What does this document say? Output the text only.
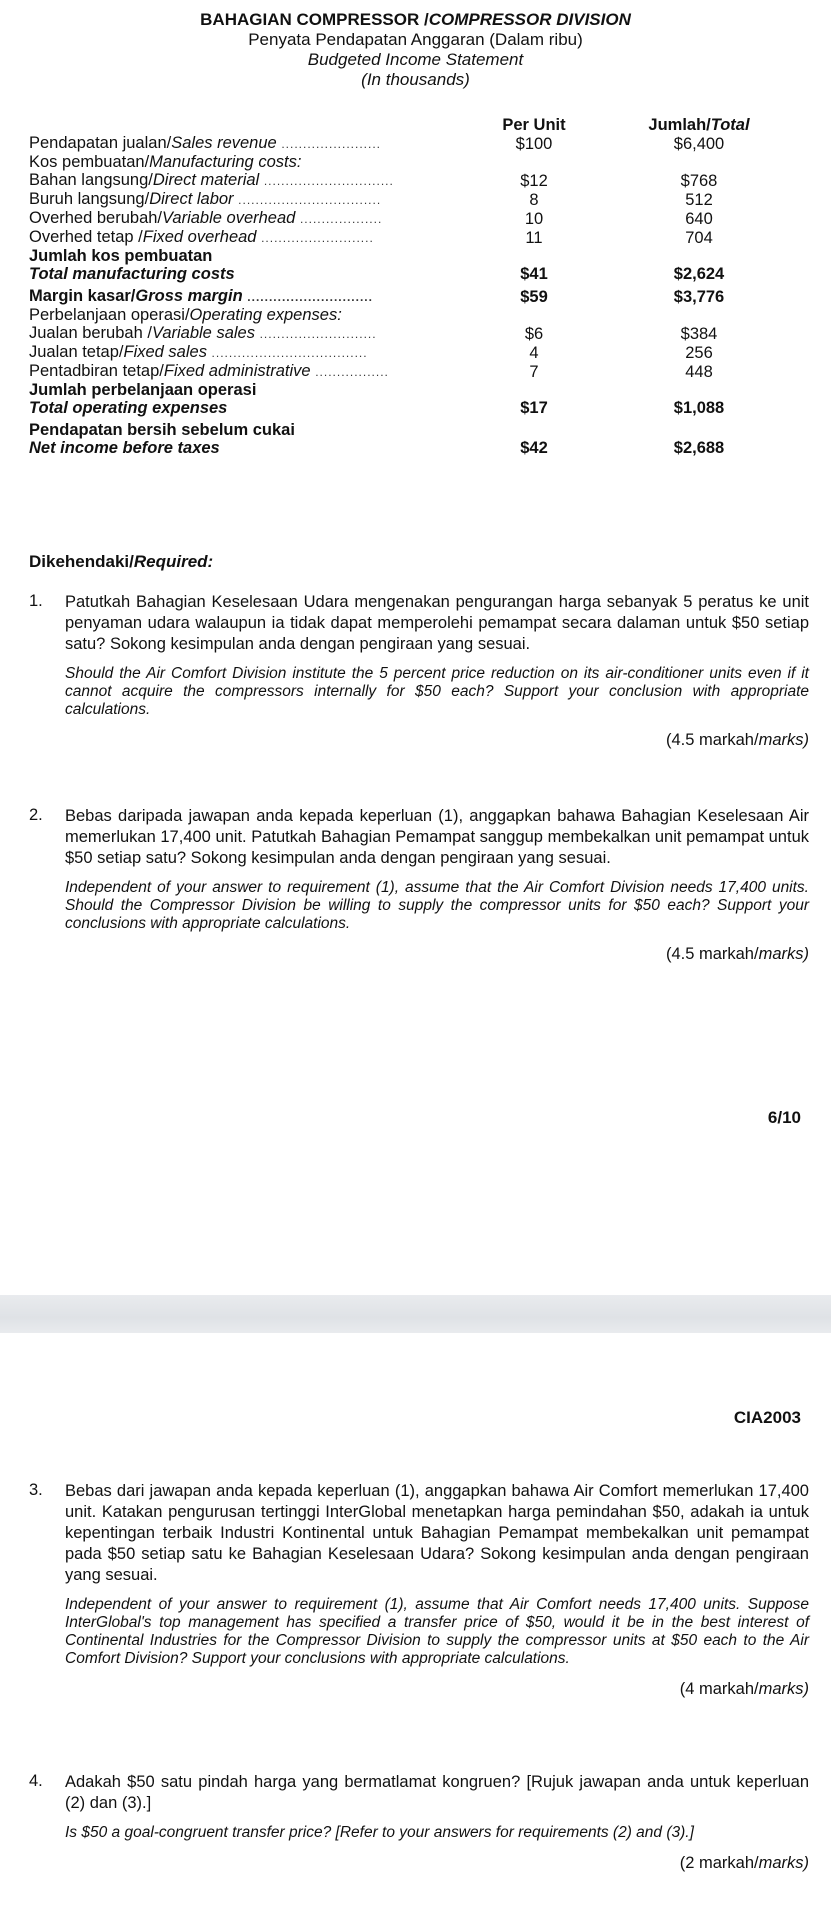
BAHAGIAN COMPRESSOR /COMPRESSOR DIVISION
Penyata Pendapatan Anggaran (Dalam ribu)
Budgeted Income Statement
(In thousands)
	Per Unit	Jumlah/Total
Pendapatan jualan/Sales revenue .......................	$100	$6,400
Kos pembuatan/Manufacturing costs:		
Bahan langsung/Direct material ..............................	$12	$768
Buruh langsung/Direct labor .................................	8	512
Overhed berubah/Variable overhead ...................	10	640
Overhed tetap /Fixed overhead ..........................	11	704

Jumlah kos pembuatan
Total manufacturing costs	$41	$2,624
Margin kasar/Gross margin .............................	$59	$3,776
Perbelanjaan operasi/Operating expenses:		
Jualan berubah /Variable sales ...........................	$6	$384
Jualan tetap/Fixed sales ....................................	4	256
Pentadbiran tetap/Fixed administrative .................	7	448

Jumlah perbelanjaan operasi
Total operating expenses	$17	$1,088

Pendapatan bersih sebelum cukai
Net income before taxes	$42	$2,688
Dikehendaki/Required:
1.	Patutkah Bahagian Keselesaan Udara mengenakan pengurangan harga sebanyak 5 peratus ke unit penyaman udara walaupun ia tidak dapat memperolehi pemampat secara dalaman untuk $50 setiap satu? Sokong kesimpulan anda dengan pengiraan yang sesuai.
Should the Air Comfort Division institute the 5 percent price reduction on its air-conditioner units even if it cannot acquire the compressors internally for $50 each? Support your conclusion with appropriate calculations.
(4.5 markah/marks)
2.	Bebas daripada jawapan anda kepada keperluan (1), anggapkan bahawa Bahagian Keselesaan Air memerlukan 17,400 unit. Patutkah Bahagian Pemampat sanggup membekalkan unit pemampat untuk $50 setiap satu? Sokong kesimpulan anda dengan pengiraan yang sesuai.
Independent of your answer to requirement (1), assume that the Air Comfort Division needs 17,400 units. Should the Compressor Division be willing to supply the compressor units for $50 each? Support your conclusions with appropriate calculations.
(4.5 markah/marks)
6/10
CIA2003
3.	Bebas dari jawapan anda kepada keperluan (1), anggapkan bahawa Air Comfort memerlukan 17,400 unit. Katakan pengurusan tertinggi InterGlobal menetapkan harga pemindahan $50, adakah ia untuk kepentingan terbaik Industri Kontinental untuk Bahagian Pemampat membekalkan unit pemampat pada $50 setiap satu ke Bahagian Keselesaan Udara? Sokong kesimpulan anda dengan pengiraan yang sesuai.
Independent of your answer to requirement (1), assume that Air Comfort needs 17,400 units. Suppose InterGlobal's top management has specified a transfer price of $50, would it be in the best interest of Continental Industries for the Compressor Division to supply the compressor units at $50 each to the Air Comfort Division? Support your conclusions with appropriate calculations.
(4 markah/marks)
4.	Adakah $50 satu pindah harga yang bermatlamat kongruen? [Rujuk jawapan anda untuk keperluan (2) dan (3).]
Is $50 a goal-congruent transfer price? [Refer to your answers for requirements (2) and (3).]
(2 markah/marks)
